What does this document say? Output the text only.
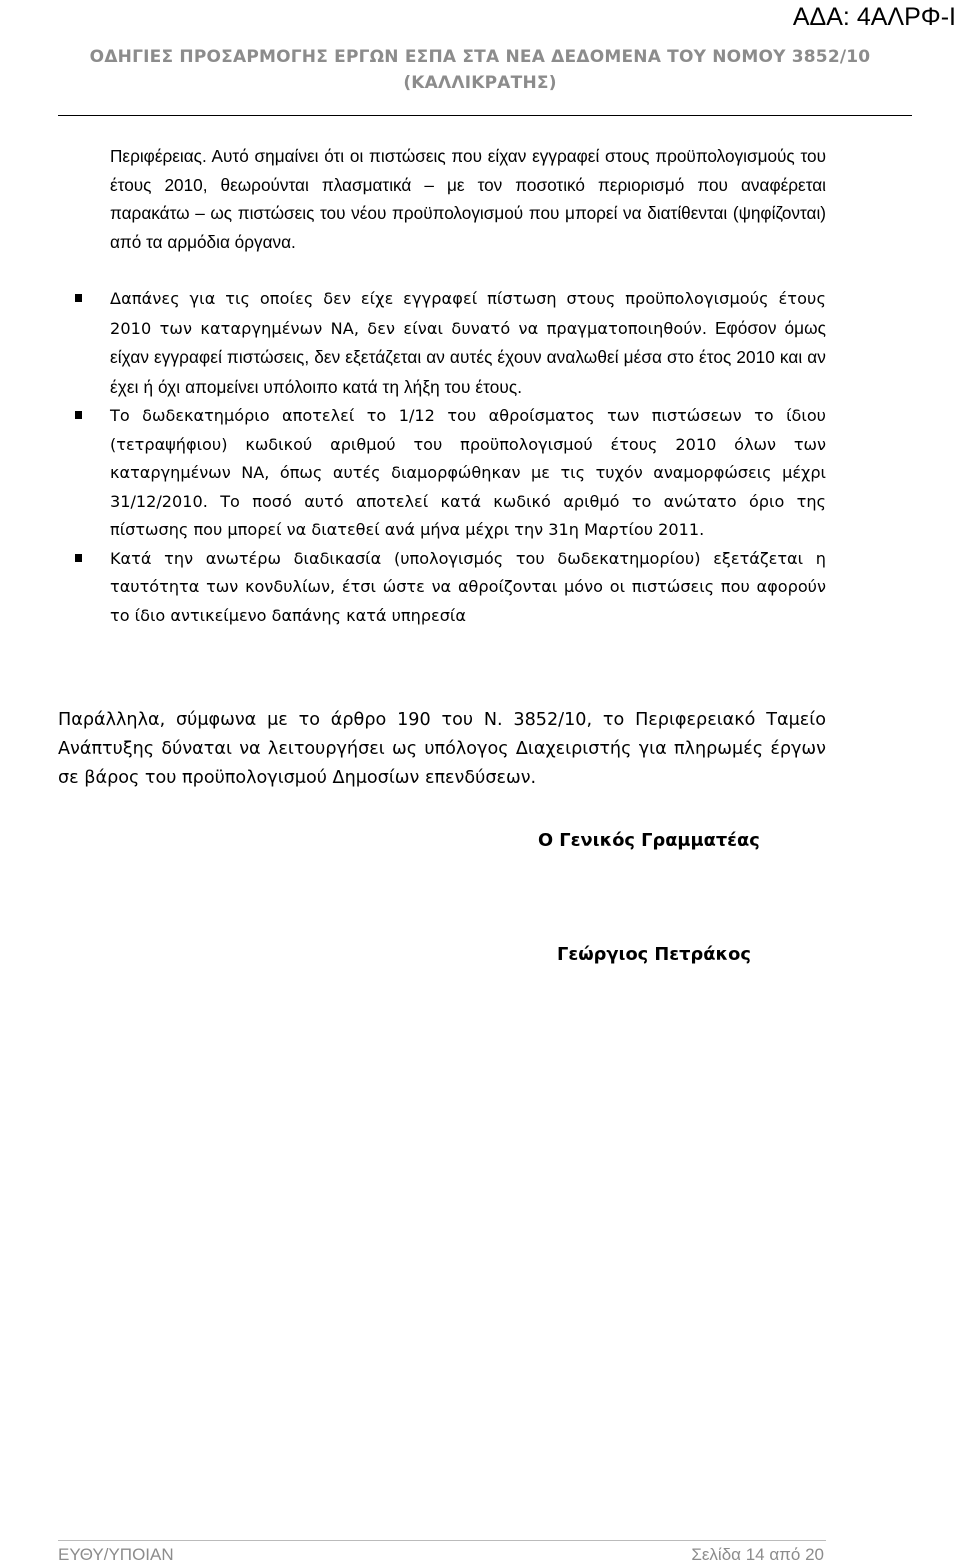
ΑΔΑ: 4ΑΛΡΦ-Ι
ΟΔΗΓΙΕΣ ΠΡΟΣΑΡΜΟΓΗΣ ΕΡΓΩΝ ΕΣΠΑ ΣΤΑ ΝΕΑ ΔΕΔΟΜΕΝΑ ΤΟΥ ΝΟΜΟΥ 3852/10
(ΚΑΛΛΙΚΡΑΤΗΣ)

Περιφέρειας. Αυτό σημαίνει ότι οι πιστώσεις που είχαν εγγραφεί στους προϋπολογισμούς του έτους 2010, θεωρούνται πλασματικά – με τον ποσοτικό περιορισμό που αναφέρεται παρακάτω – ως πιστώσεις του νέου προϋπολογισμού που μπορεί να διατίθενται (ψηφίζονται) από τα αρμόδια όργανα.

Δαπάνες για τις οποίες δεν είχε εγγραφεί πίστωση στους προϋπολογισμούς έτους 2010 των καταργημένων ΝΑ, δεν είναι δυνατό να πραγματοποιηθούν. Εφόσον όμως είχαν εγγραφεί πιστώσεις, δεν εξετάζεται αν αυτές έχουν αναλωθεί μέσα στο έτος 2010 και αν έχει ή όχι απομείνει υπόλοιπο κατά τη λήξη του έτους.
Το δωδεκατημόριο αποτελεί το 1/12 του αθροίσματος των πιστώσεων το ίδιου (τετραψήφιου) κωδικού αριθμού του προϋπολογισμού έτους 2010 όλων των καταργημένων ΝΑ, όπως αυτές διαμορφώθηκαν με τις τυχόν αναμορφώσεις μέχρι 31/12/2010. Το ποσό αυτό αποτελεί κατά κωδικό αριθμό το ανώτατο όριο της πίστωσης που μπορεί να διατεθεί ανά μήνα μέχρι την 31η Μαρτίου 2011.
Κατά την ανωτέρω διαδικασία (υπολογισμός του δωδεκατημορίου) εξετάζεται η ταυτότητα των κονδυλίων, έτσι ώστε να αθροίζονται μόνο οι πιστώσεις που αφορούν το ίδιο αντικείμενο δαπάνης κατά υπηρεσία

Παράλληλα, σύμφωνα με το άρθρο 190 του Ν. 3852/10, το Περιφερειακό Ταμείο Ανάπτυξης δύναται να λειτουργήσει ως υπόλογος Διαχειριστής για πληρωμές έργων σε βάρος του προϋπολογισμού Δημοσίων επενδύσεων.

Ο Γενικός Γραμματέας
Γεώργιος Πετράκος
ΕΥΘΥ/ΥΠΟΙΑΝ	Σελίδα 14 από 20
